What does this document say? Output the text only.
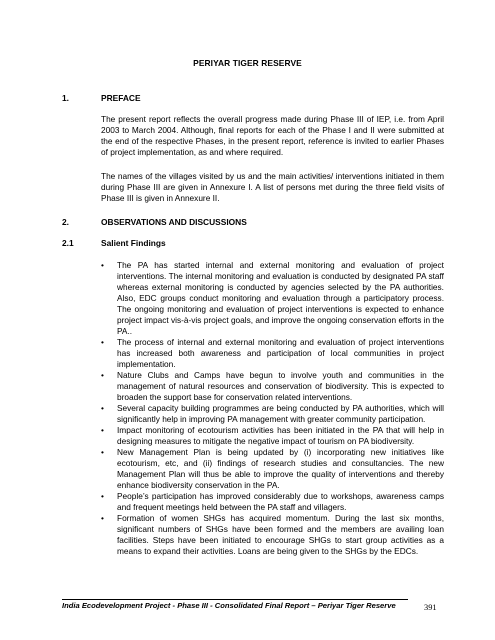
PERIYAR TIGER RESERVE
1.	PREFACE
The present report reflects the overall progress made during Phase III of IEP, i.e. from April 2003 to March 2004. Although, final reports for each of the Phase I and II were submitted at the end of the respective Phases, in the present report, reference is invited to earlier Phases of project implementation, as and where required.
The names of the villages visited by us and the main activities/ interventions initiated in them during Phase III are given in Annexure I. A list of persons met during the three field visits of Phase III is given in Annexure II.
2.	OBSERVATIONS AND DISCUSSIONS
2.1	Salient Findings
• The PA has started internal and external monitoring and evaluation of project interventions. The internal monitoring and evaluation is conducted by designated PA staff whereas external monitoring is conducted by agencies selected by the PA authorities. Also, EDC groups conduct monitoring and evaluation through a participatory process. The ongoing monitoring and evaluation of project interventions is expected to enhance project impact vis-à-vis project goals, and improve the ongoing conservation efforts in the PA..
• The process of internal and external monitoring and evaluation of project interventions has increased both awareness and participation of local communities in project implementation.
• Nature Clubs and Camps have begun to involve youth and communities in the management of natural resources and conservation of biodiversity. This is expected to broaden the support base for conservation related interventions.
• Several capacity building programmes are being conducted by PA authorities, which will significantly help in improving PA management with greater community participation.
• Impact monitoring of ecotourism activities has been initiated in the PA that will help in designing measures to mitigate the negative impact of tourism on PA biodiversity.
• New Management Plan is being updated by (i) incorporating new initiatives like ecotourism, etc, and (ii) findings of research studies and consultancies. The new Management Plan will thus be able to improve the quality of interventions and thereby enhance biodiversity conservation in the PA.
• People’s participation has improved considerably due to workshops, awareness camps and frequent meetings held between the PA staff and villagers.
• Formation of women SHGs has acquired momentum. During the last six months, significant numbers of SHGs have been formed and the members are availing loan facilities. Steps have been initiated to encourage SHGs to start group activities as a means to expand their activities. Loans are being given to the SHGs by the EDCs.
India Ecodevelopment Project - Phase III - Consolidated Final Report – Periyar Tiger Reserve	391
